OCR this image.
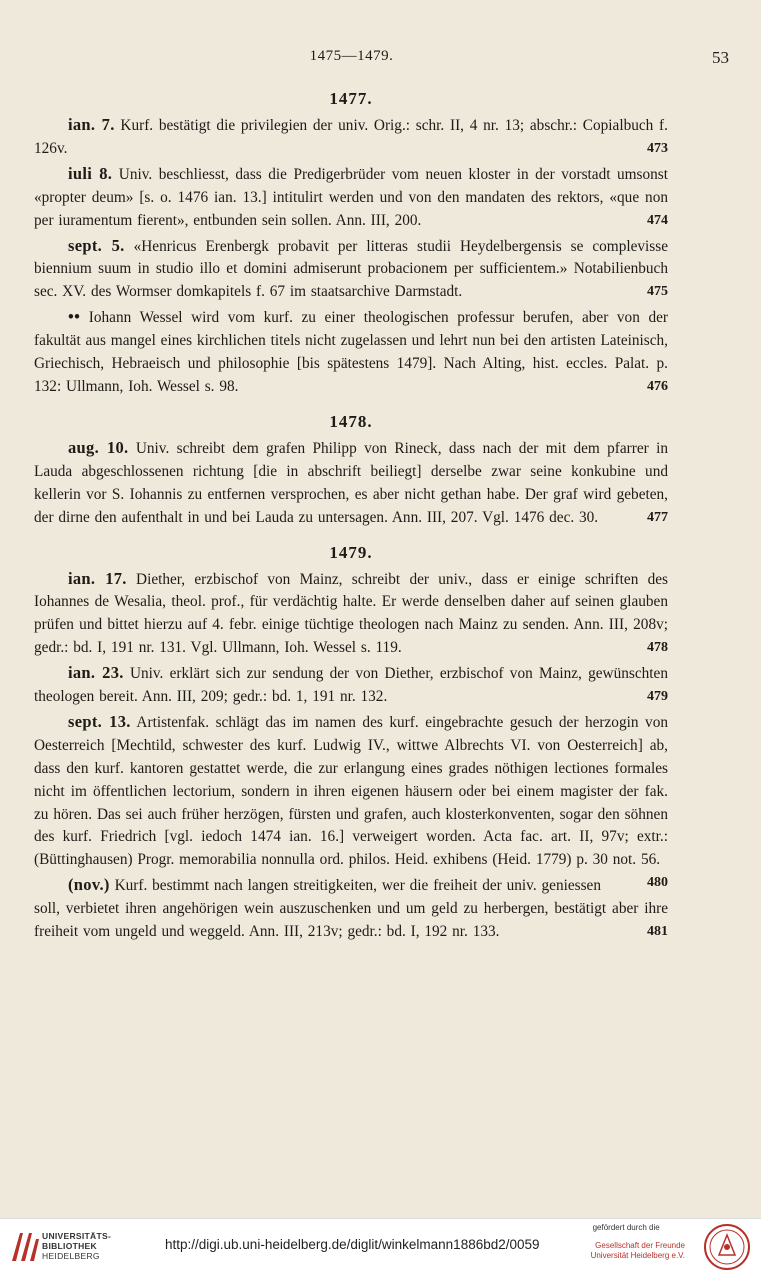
1475—1479.	53
1477.

ian. 7. Kurf. bestätigt die privilegien der univ. Orig.: schr. II, 4 nr. 13; abschr.: Copialbuch f. 126v.	473

iuli 8. Univ. beschliesst, dass die Predigerbrüder vom neuen kloster in der vorstadt umsonst «propter deum» [s. o. 1476 ian. 13.] intitulirt werden und von den mandaten des rektors, «que non per iuramentum fierent», entbunden sein sollen. Ann. III, 200.	474

sept. 5. «Henricus Erenbergk probavit per litteras studii Heydelbergensis se complevisse biennium suum in studio illo et domini admiserunt probacionem per sufficientem.» Notabilienbuch sec. XV. des Wormser domkapitels f. 67 im staatsarchive Darmstadt.	475

•• Iohann Wessel wird vom kurf. zu einer theologischen professur berufen, aber von der fakultät aus mangel eines kirchlichen titels nicht zugelassen und lehrt nun bei den artisten Lateinisch, Griechisch, Hebraeisch und philosophie [bis spätestens 1479]. Nach Alting, hist. eccles. Palat. p. 132: Ullmann, Ioh. Wessel s. 98.	476

1478.

aug. 10. Univ. schreibt dem grafen Philipp von Rineck, dass nach der mit dem pfarrer in Lauda abgeschlossenen richtung [die in abschrift beiliegt] derselbe zwar seine konkubine und kellerin vor S. Iohannis zu entfernen versprochen, es aber nicht gethan habe. Der graf wird gebeten, der dirne den aufenthalt in und bei Lauda zu untersagen. Ann. III, 207. Vgl. 1476 dec. 30.	477

1479.

ian. 17. Diether, erzbischof von Mainz, schreibt der univ., dass er einige schriften des Iohannes de Wesalia, theol. prof., für verdächtig halte. Er werde denselben daher auf seinen glauben prüfen und bittet hierzu auf 4. febr. einige tüchtige theologen nach Mainz zu senden. Ann. III, 208v; gedr.: bd. I, 191 nr. 131. Vgl. Ullmann, Ioh. Wessel s. 119.	478

ian. 23. Univ. erklärt sich zur sendung der von Diether, erzbischof von Mainz, gewünschten theologen bereit. Ann. III, 209; gedr.: bd. 1, 191 nr. 132.	479

sept. 13. Artistenfak. schlägt das im namen des kurf. eingebrachte gesuch der herzogin von Oesterreich [Mechtild, schwester des kurf. Ludwig IV., wittwe Albrechts VI. von Oesterreich] ab, dass den kurf. kantoren gestattet werde, die zur erlangung eines grades nöthigen lectiones formales nicht im öffentlichen lectorium, sondern in ihren eigenen häusern oder bei einem magister der fak. zu hören. Das sei auch früher herzögen, fürsten und grafen, auch klosterkonventen, sogar den söhnen des kurf. Friedrich [vgl. iedoch 1474 ian. 16.] verweigert worden. Acta fac. art. II, 97v; extr.: (Büttinghausen) Progr. memorabilia nonnulla ord. philos. Heid. exhibens (Heid. 1779) p. 30 not. 56.
480

(nov.) Kurf. bestimmt nach langen streitigkeiten, wer die freiheit der univ. geniessen soll, verbietet ihren angehörigen wein auszuschenken und um geld zu herbergen, bestätigt aber ihre freiheit vom ungeld und weggeld. Ann. III, 213v; gedr.: bd. I, 192 nr. 133.	481

UNIVERSITÄTS-
BIBLIOTHEK
HEIDELBERG
http://digi.ub.uni-heidelberg.de/diglit/winkelmann1886bd2/0059
gefördert durch die
Gesellschaft der Freunde
Universität Heidelberg e.V.
